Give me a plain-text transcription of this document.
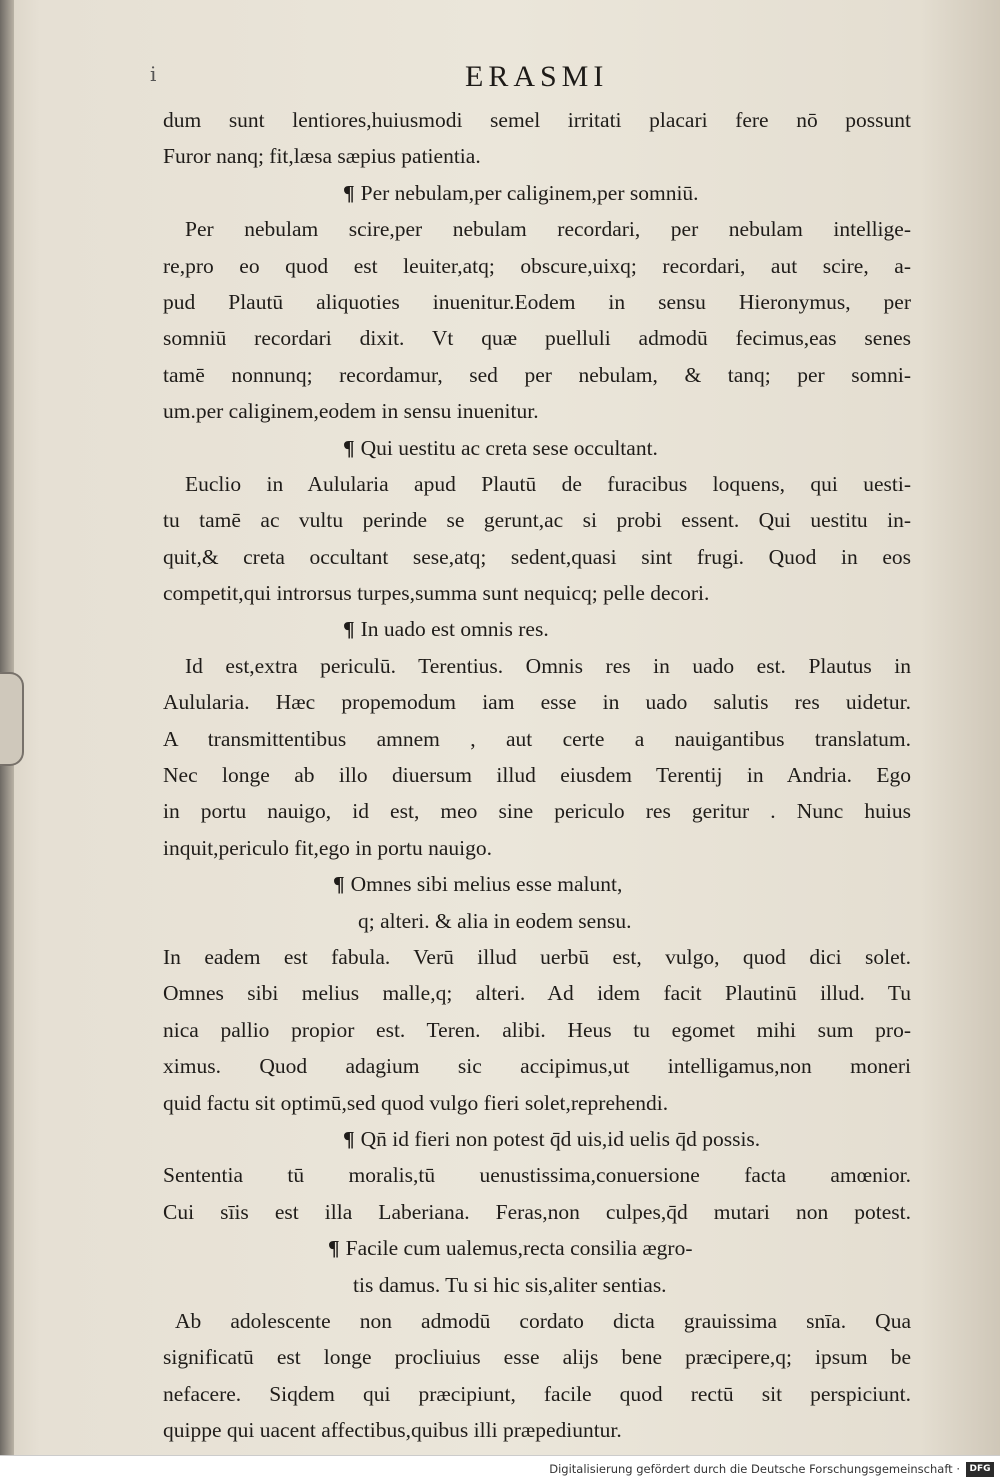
i	ERASMI
dum sunt lentiores,huiusmodi semel irritati placari fere nō possunt
Furor nanq; fit,læsa sæpius patientia.
¶ Per nebulam,per caliginem,per somniū.
Per nebulam scire,per nebulam recordari, per nebulam intellige-
re,pro eo quod est leuiter,atq; obscure,uixq; recordari, aut scire, a-
pud Plautū aliquoties inuenitur.Eodem in sensu Hieronymus, per
somniū recordari dixit. Vt quæ puelluli admodū fecimus,eas senes
tamē nonnunq; recordamur, sed per nebulam, & tanq; per somni-
um.per caliginem,eodem in sensu inuenitur.
¶ Qui uestitu ac creta sese occultant.
Euclio in Aulularia apud Plautū de furacibus loquens, qui uesti-
tu tamē ac vultu perinde se gerunt,ac si probi essent. Qui uestitu in-
quit,& creta occultant sese,atq; sedent,quasi sint frugi. Quod in eos
competit,qui introrsus turpes,summa sunt nequicq; pelle decori.
¶ In uado est omnis res.
Id est,extra periculū. Terentius. Omnis res in uado est. Plautus in
Aulularia. Hæc propemodum iam esse in uado salutis res uidetur.
A transmittentibus amnem , aut certe a nauigantibus translatum.
Nec longe ab illo diuersum illud eiusdem Terentij in Andria. Ego
in portu nauigo, id est, meo sine periculo res geritur . Nunc huius
inquit,periculo fit,ego in portu nauigo.
¶ Omnes sibi melius esse malunt,
q; alteri. & alia in eodem sensu.
In eadem est fabula. Verū illud uerbū est, vulgo, quod dici solet.
Omnes sibi melius malle,q; alteri. Ad idem facit Plautinū illud. Tu
nica pallio propior est. Teren. alibi. Heus tu egomet mihi sum pro-
ximus. Quod adagium sic accipimus,ut intelligamus,non moneri
quid factu sit optimū,sed quod vulgo fieri solet,reprehendi.
¶ Qn̄ id fieri non potest q̄d uis,id uelis q̄d possis.
Sententia tū moralis,tū uenustissima,conuersione facta amœnior.
Cui sīis est illa Laberiana. Feras,non culpes,q̄d mutari non potest.
¶ Facile cum ualemus,recta consilia ægro-
tis damus. Tu si hic sis,aliter sentias.
Ab adolescente non admodū cordato dicta grauissima snīa. Qua
significatū est longe procliuius esse alijs bene præcipere,q; ipsum be
nefacere. Siqdem qui præcipiunt, facile quod rectū sit perspiciunt.
quippe qui uacent affectibus,quibus illi præpediuntur.
Digitalisierung gefördert durch die Deutsche Forschungsgemeinschaft ·	DFG
